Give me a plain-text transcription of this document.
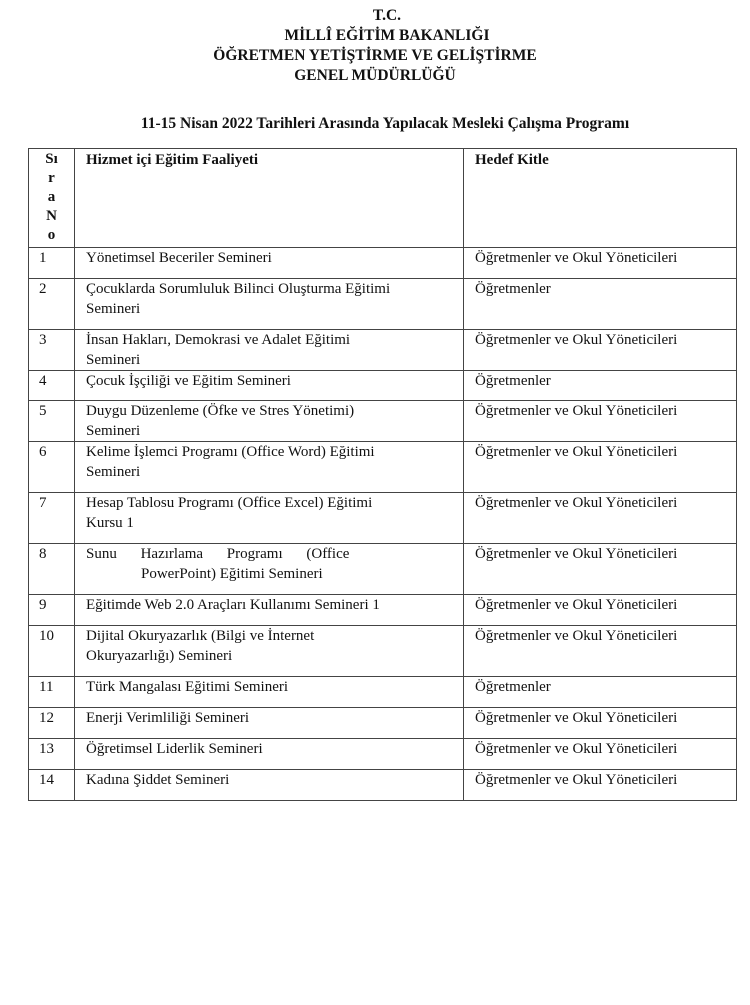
T.C.
MİLLÎ EĞİTİM BAKANLIĞI
ÖĞRETMEN YETİŞTİRME VE GELİŞTİRME
GENEL MÜDÜRLÜĞÜ
11-15 Nisan 2022 Tarihleri Arasında Yapılacak Mesleki Çalışma Programı
Sı
r
a
N
o	Hizmet içi Eğitim Faaliyeti	Hedef Kitle
1	Yönetimsel Beceriler Semineri	Öğretmenler ve Okul Yöneticileri
2	Çocuklarda Sorumluluk Bilinci Oluşturma Eğitimi
Semineri	Öğretmenler
3	İnsan Hakları, Demokrasi ve Adalet Eğitimi
Semineri	Öğretmenler ve Okul Yöneticileri
4	Çocuk İşçiliği ve Eğitim Semineri	Öğretmenler
5	Duygu Düzenleme (Öfke ve Stres Yönetimi)
Semineri	Öğretmenler ve Okul Yöneticileri
6	Kelime İşlemci Programı (Office Word) Eğitimi
Semineri	Öğretmenler ve Okul Yöneticileri
7	Hesap Tablosu Programı (Office Excel) Eğitimi
Kursu 1	Öğretmenler ve Okul Yöneticileri
8	Sunu Hazırlama Programı (Office
PowerPoint) Eğitimi Semineri	Öğretmenler ve Okul Yöneticileri
9	Eğitimde Web 2.0 Araçları Kullanımı Semineri 1	Öğretmenler ve Okul Yöneticileri
10	Dijital Okuryazarlık (Bilgi ve İnternet
Okuryazarlığı) Semineri	Öğretmenler ve Okul Yöneticileri
11	Türk Mangalası Eğitimi Semineri	Öğretmenler
12	Enerji Verimliliği Semineri	Öğretmenler ve Okul Yöneticileri
13	Öğretimsel Liderlik Semineri	Öğretmenler ve Okul Yöneticileri
14	Kadına Şiddet Semineri	Öğretmenler ve Okul Yöneticileri
